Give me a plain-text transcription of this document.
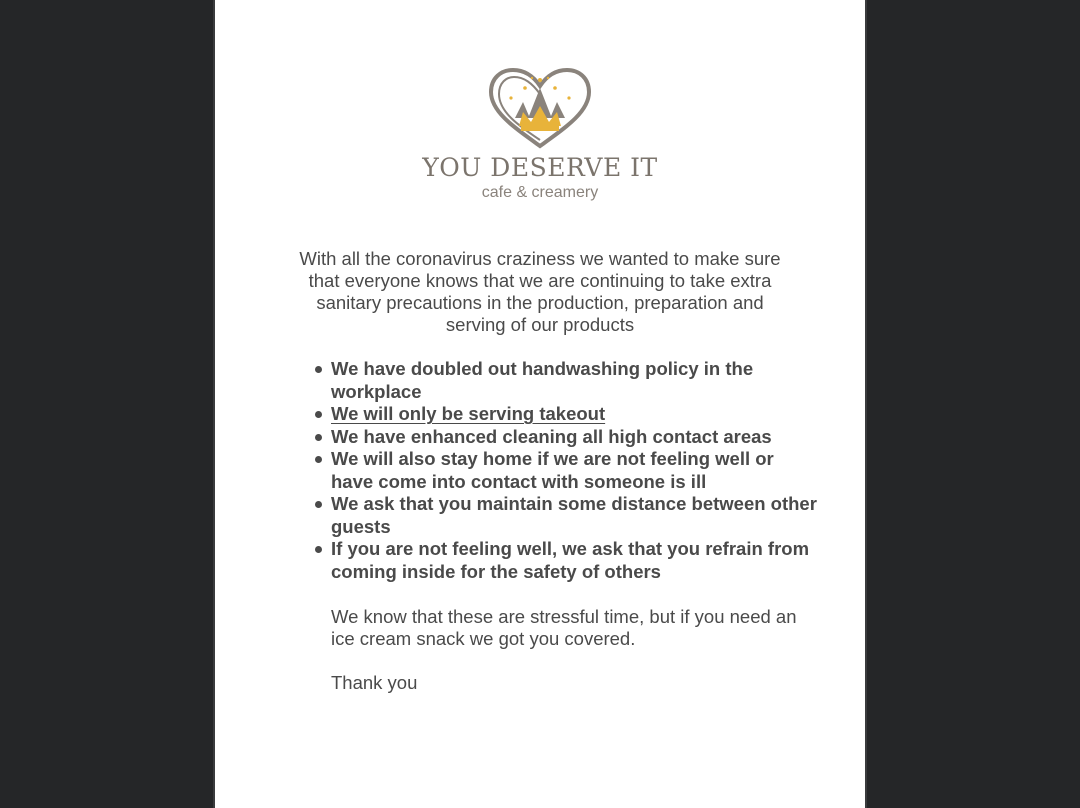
YOU DESERVE IT
cafe & creamery
With all the coronavirus craziness we wanted to make sure that everyone knows that we are continuing to take extra sanitary precautions in the production, preparation and serving of our products
We have doubled out handwashing policy in the workplace
We will only be serving takeout
We have enhanced cleaning all high contact areas
We will also stay home if we are not feeling well or have come into contact with someone is ill
We ask that you maintain some distance between other guests
If you are not feeling well, we ask that you refrain from coming inside for the safety of others
We know that these are stressful time, but if you need an ice cream snack we got you covered.
Thank you
